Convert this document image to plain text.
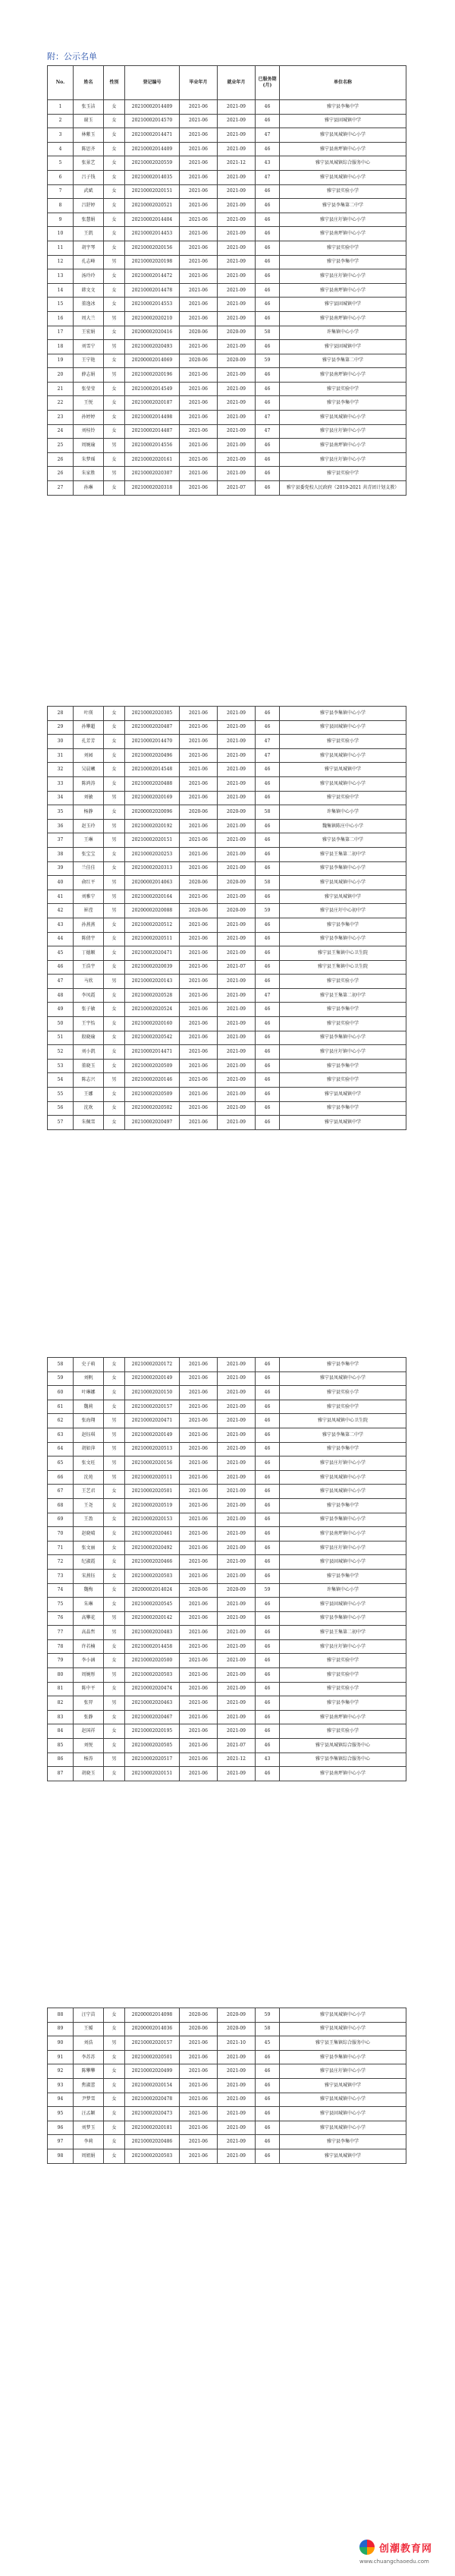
附：公示名单
No.	姓名	性别	登记编号	毕业年月	就业年月	已服务期(月)	单位名称
1	张玉洁	女	20210002014409	2021-06	2021-09	46	雅宁县李集中学
2	谢玉	女	20210002014570	2021-06	2021-09	46	雅宁县固城镇中学
3	林紫玉	女	20210002014471	2021-06	2021-09	47	雅宁县凤城镇中心小学
4	陈思齐	女	20210002014409	2021-06	2021-09	46	雅宁县南坪镇中心小学
5	张景艺	女	20210002020559	2021-06	2021-12	43	雅宁县凤城镇综合服务中心
6	吕子钱	女	20210002014035	2021-06	2021-09	47	雅宁县凤城镇中心小学
7	武斌	女	20210002020151	2021-06	2021-09	46	雅宁县实验小学
8	吕舒婷	女	20210002020521	2021-06	2021-09	46	雅宁县李集第二中学
9	张慧娟	女	20210002014404	2021-06	2021-09	46	雅宁县庄圩镇中心小学
10	王凯	女	20210002014453	2021-06	2021-09	46	雅宁县南坪镇中心小学
11	胡宇琴	女	20210002020156	2021-06	2021-09	46	雅宁县实验中学
12	孔志峰	男	20210002020198	2021-06	2021-09	46	雅宁县李集中学
13	汤玲玲	女	20210002014472	2021-06	2021-09	46	雅宁县庄圩镇中心小学
14	韩文文	女	20210002014478	2021-06	2021-09	46	雅宁县南坪镇中心小学
15	董逸冰	女	20210002014553	2021-06	2021-09	46	雅宁县固城镇中学
16	周大兰	男	20210002020210	2021-06	2021-09	46	雅宁县南坪镇中心小学
17	王宏娟	女	20200002020416	2020-06	2020-09	58	许集镇中心小学
18	刘雪宁	男	20210002020493	2021-06	2021-09	46	雅宁县固城镇中学
19	王宁艳	女	20200002014069	2020-06	2020-09	59	雅宁县李集第二中学
20	薛志娟	男	20210002020196	2021-06	2021-09	46	雅宁县南坪镇中心小学
21	张莹莹	女	20210002014549	2021-06	2021-09	46	雅宁县实验中学
22	王悦	女	20210002020187	2021-06	2021-09	46	雅宁县李集中学
23	孙婷婷	女	20210002014498	2021-06	2021-09	47	雅宁县凤城镇中心小学
24	刘桂铃	女	20210002014487	2021-06	2021-09	47	雅宁县庄圩镇中心小学
25	周婉瑜	男	20210002014556	2021-06	2021-09	46	雅宁县南坪镇中心小学
26	朱梦瑶	女	20210002020161	2021-06	2021-09	46	雅宁县庄圩镇中心小学
26	朱家胜	男	20210002020307	2021-06	2021-09	46	雅宁县实验中学
27	孙琳	女	20210002020318	2021-06	2021-07	46	雅宁县委党校人民政府（2019-2021 共青团计划支教）
28	叶瑛	女	20210002020305	2021-06	2021-09	46	雅宁县李集镇中心小学
29	孙攀超	女	20210002020487	2021-06	2021-09	46	雅宁县固城镇中心小学
30	孔芳芳	女	20210002014470	2021-06	2021-09	47	雅宁县实验小学
31	刘园	女	20210002020496	2021-06	2021-09	47	雅宁县凤城镇中心小学
32	吴晨曦	女	20210002014548	2021-06	2021-09	46	雅宁县凤城镇中学
33	陈鸿涛	女	20210002020488	2021-06	2021-09	46	雅宁县凤城镇中心小学
34	刘敏	男	20210002020169	2021-06	2021-09	46	雅宁县实验中学
35	杨静	女	20200002020096	2020-06	2020-09	58	许集镇中心小学
36	赵玉玲	男	20210002020192	2021-06	2021-09	46	魏集镇陈庄中心小学
37	王琳	男	20210002020151	2021-06	2021-09	46	雅宁县李集第二中学
38	张宝宝	女	20210002020253	2021-06	2021-09	46	雅宁县王集第二初中学
39	兰佳佳	女	20210002020313	2021-06	2021-09	46	雅宁县李集镇中心小学
40	俞红平	男	20200002014063	2020-06	2020-09	58	雅宁县凤城镇中心小学
41	刘雅宁	男	20210002020164	2021-06	2021-09	46	雅宁县凤城镇中学
42	崔滢	男	20200002020088	2020-06	2020-09	59	雅宁县庄圩中心初中学
43	孙燕燕	女	20210002020512	2021-06	2021-09	46	雅宁县李集中学
44	陈倩宇	女	20210002020511	2021-06	2021-09	46	雅宁县李集镇中心小学
45	丁德顺	女	20210002020471	2021-06	2021-09	46	雅宁县王集镇中心卫生院
46	王浩宇	女	20210002020039	2021-06	2021-07	46	雅宁县王集镇中心卫生院
47	马欣	男	20210002020143	2021-06	2021-09	46	雅宁县实验小学
48	李凤霞	女	20210002020528	2021-06	2021-09	47	雅宁县王集第二初中学
49	张子敏	女	20210002020524	2021-06	2021-09	46	雅宁县李集中学
50	王宇怡	女	20210002020160	2021-06	2021-09	46	雅宁县实验中学
51	殷晓瑜	女	20210002020542	2021-06	2021-09	46	雅宁县李集镇中心小学
52	刘小凯	女	20210002014471	2021-06	2021-09	46	雅宁县庄圩镇中心小学
53	董晓玉	女	20210002020509	2021-06	2021-09	46	雅宁县李集中学
54	陈志兴	男	20210002020146	2021-06	2021-09	46	雅宁县实验中学
55	王娜	女	20210002020509	2021-06	2021-09	46	雅宁县凤城镇中学
56	沈欢	女	20210002020502	2021-06	2021-09	46	雅宁县李集中学
57	朱佩雪	女	20210002020497	2021-06	2021-09	46	雅宁县凤城镇中学
58	史子萌	女	20210002020172	2021-06	2021-09	46	雅宁县李集中学
59	刘帆	女	20210002020149	2021-06	2021-09	46	雅宁县凤城镇中心小学
60	叶琳娜	女	20210002020150	2021-06	2021-09	46	雅宁县实验小学
61	魏莉	女	20210002020157	2021-06	2021-09	46	雅宁县实验中学
62	张海翔	男	20210002020471	2021-06	2021-09	46	雅宁县凤城镇中心卫生院
63	赵钰琪	男	20210002020149	2021-06	2021-09	46	雅宁县李集第二中学
64	胡如萍	男	20210002020513	2021-06	2021-09	46	雅宁县李集中学
65	张文旺	男	20210002020156	2021-06	2021-09	46	雅宁县庄圩镇中心小学
66	沈苑	男	20210002020511	2021-06	2021-09	46	雅宁县凤城镇中心小学
67	王艺君	女	20210002020501	2021-06	2021-09	46	雅宁县凤城镇中心小学
68	王尧	女	20210002020519	2021-06	2021-09	46	雅宁县李集中学
69	王盈	女	20210002020153	2021-06	2021-09	46	雅宁县李集镇中心小学
70	赵晓晴	女	20210002020461	2021-06	2021-09	46	雅宁县南坪镇中心小学
71	张文丽	女	20210002020492	2021-06	2021-09	46	雅宁县庄圩镇中心小学
72	纪淑霞	女	20210002020466	2021-06	2021-09	46	雅宁县固城镇中心小学
73	宋燕钰	女	20210002020503	2021-06	2021-09	46	雅宁县李集中学
74	魏梅	女	20200002014024	2020-06	2020-09	59	许集镇中心小学
75	朱琳	女	20210002020545	2021-06	2021-09	46	雅宁县固城镇中心小学
76	高攀花	男	20210002020142	2021-06	2021-09	46	雅宁县李集镇中心小学
77	高晶哲	男	20210002020483	2021-06	2021-09	46	雅宁县王集第二初中学
78	许若楠	女	20210002014458	2021-06	2021-09	46	雅宁县庄圩镇中心小学
79	李小涵	女	20210002020500	2021-06	2021-09	46	雅宁县实验中学
80	周婉彤	男	20210002020503	2021-06	2021-09	46	雅宁县实验中学
81	陈中平	女	20210002020474	2021-06	2021-09	46	雅宁县实验小学
82	张羿	男	20210002020463	2021-06	2021-09	46	雅宁县李集中学
83	张静	女	20210002020467	2021-06	2021-09	46	雅宁县南坪镇中心小学
84	赵国祥	女	20210002020195	2021-06	2021-09	46	雅宁县实验小学
85	刘悦	女	20210002020505	2021-06	2021-07	46	雅宁县凤城镇综合服务中心
86	杨涛	男	20210002020517	2021-06	2021-12	43	雅宁县李集镇综合服务中心
87	胡晓玉	女	20210002020151	2021-06	2021-09	46	雅宁县南坪镇中心小学
88	汪宁苗	女	20200002014098	2020-06	2020-09	59	雅宁县凤城镇中心小学
89	王媛	女	20200002014036	2020-06	2020-09	58	雅宁县凤城镇中心小学
90	刘浩	男	20210002020157	2021-06	2021-10	45	雅宁县王集镇综合服务中心
91	李苏苏	女	20210002020501	2021-06	2021-09	46	雅宁县李集镇中心小学
92	陈攀攀	女	20210002020499	2021-06	2021-09	46	雅宁县庄圩镇中心小学
93	焦淑蕾	女	20210002020154	2021-06	2021-09	46	雅宁县凤城镇中学
94	尹梦雪	女	20210002020478	2021-06	2021-09	46	雅宁县凤城镇中心小学
95	汪孟颖	女	20210002020473	2021-06	2021-09	46	雅宁县固城镇中心小学
96	刘梦玉	女	20210002020181	2021-06	2021-09	46	雅宁县凤城镇中心小学
97	李莉	女	20210002020486	2021-06	2021-09	46	雅宁县李集中学
98	周姐娟	女	20210002020503	2021-06	2021-09	46	雅宁县凤城镇中学
创潮教育网
www.chuangchaoedu.com
